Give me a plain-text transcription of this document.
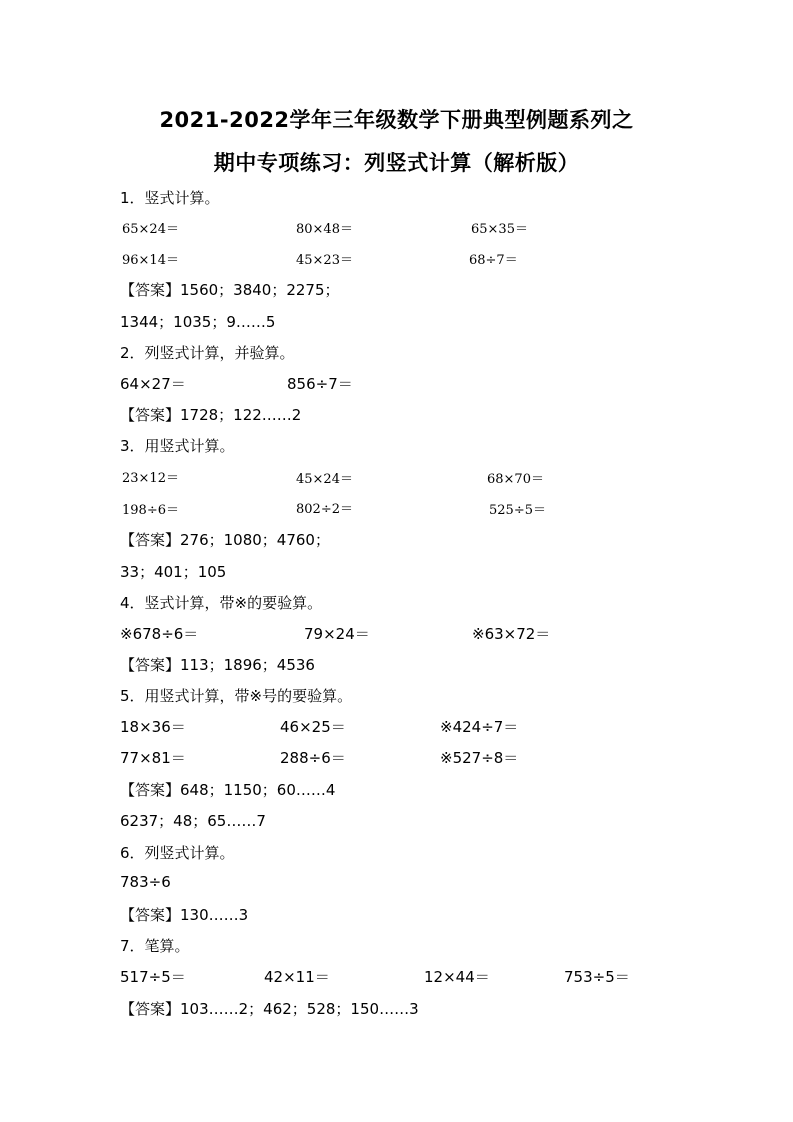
2021-2022学年三年级数学下册典型例题系列之
期中专项练习：列竖式计算（解析版）
1．竖式计算。
65×24＝	80×48＝	65×35＝
96×14＝	45×23＝	68÷7＝
【答案】1560；3840；2275；
1344；1035；9……5
2．列竖式计算，并验算。
64×27＝	856÷7＝
【答案】1728；122……2
3．用竖式计算。
23×12＝	45×24＝	68×70＝
198÷6＝	802÷2＝	525÷5＝
【答案】276；1080；4760；
33；401；105
4．竖式计算，带※的要验算。
※678÷6＝	79×24＝	※63×72＝
【答案】113；1896；4536
5．用竖式计算，带※号的要验算。
18×36＝	46×25＝	※424÷7＝
77×81＝	288÷6＝	※527÷8＝
【答案】648；1150；60……4
6237；48；65……7
6．列竖式计算。
783÷6
【答案】130……3
7．笔算。
517÷5＝	42×11＝	12×44＝	753÷5＝
【答案】103……2；462；528；150……3
